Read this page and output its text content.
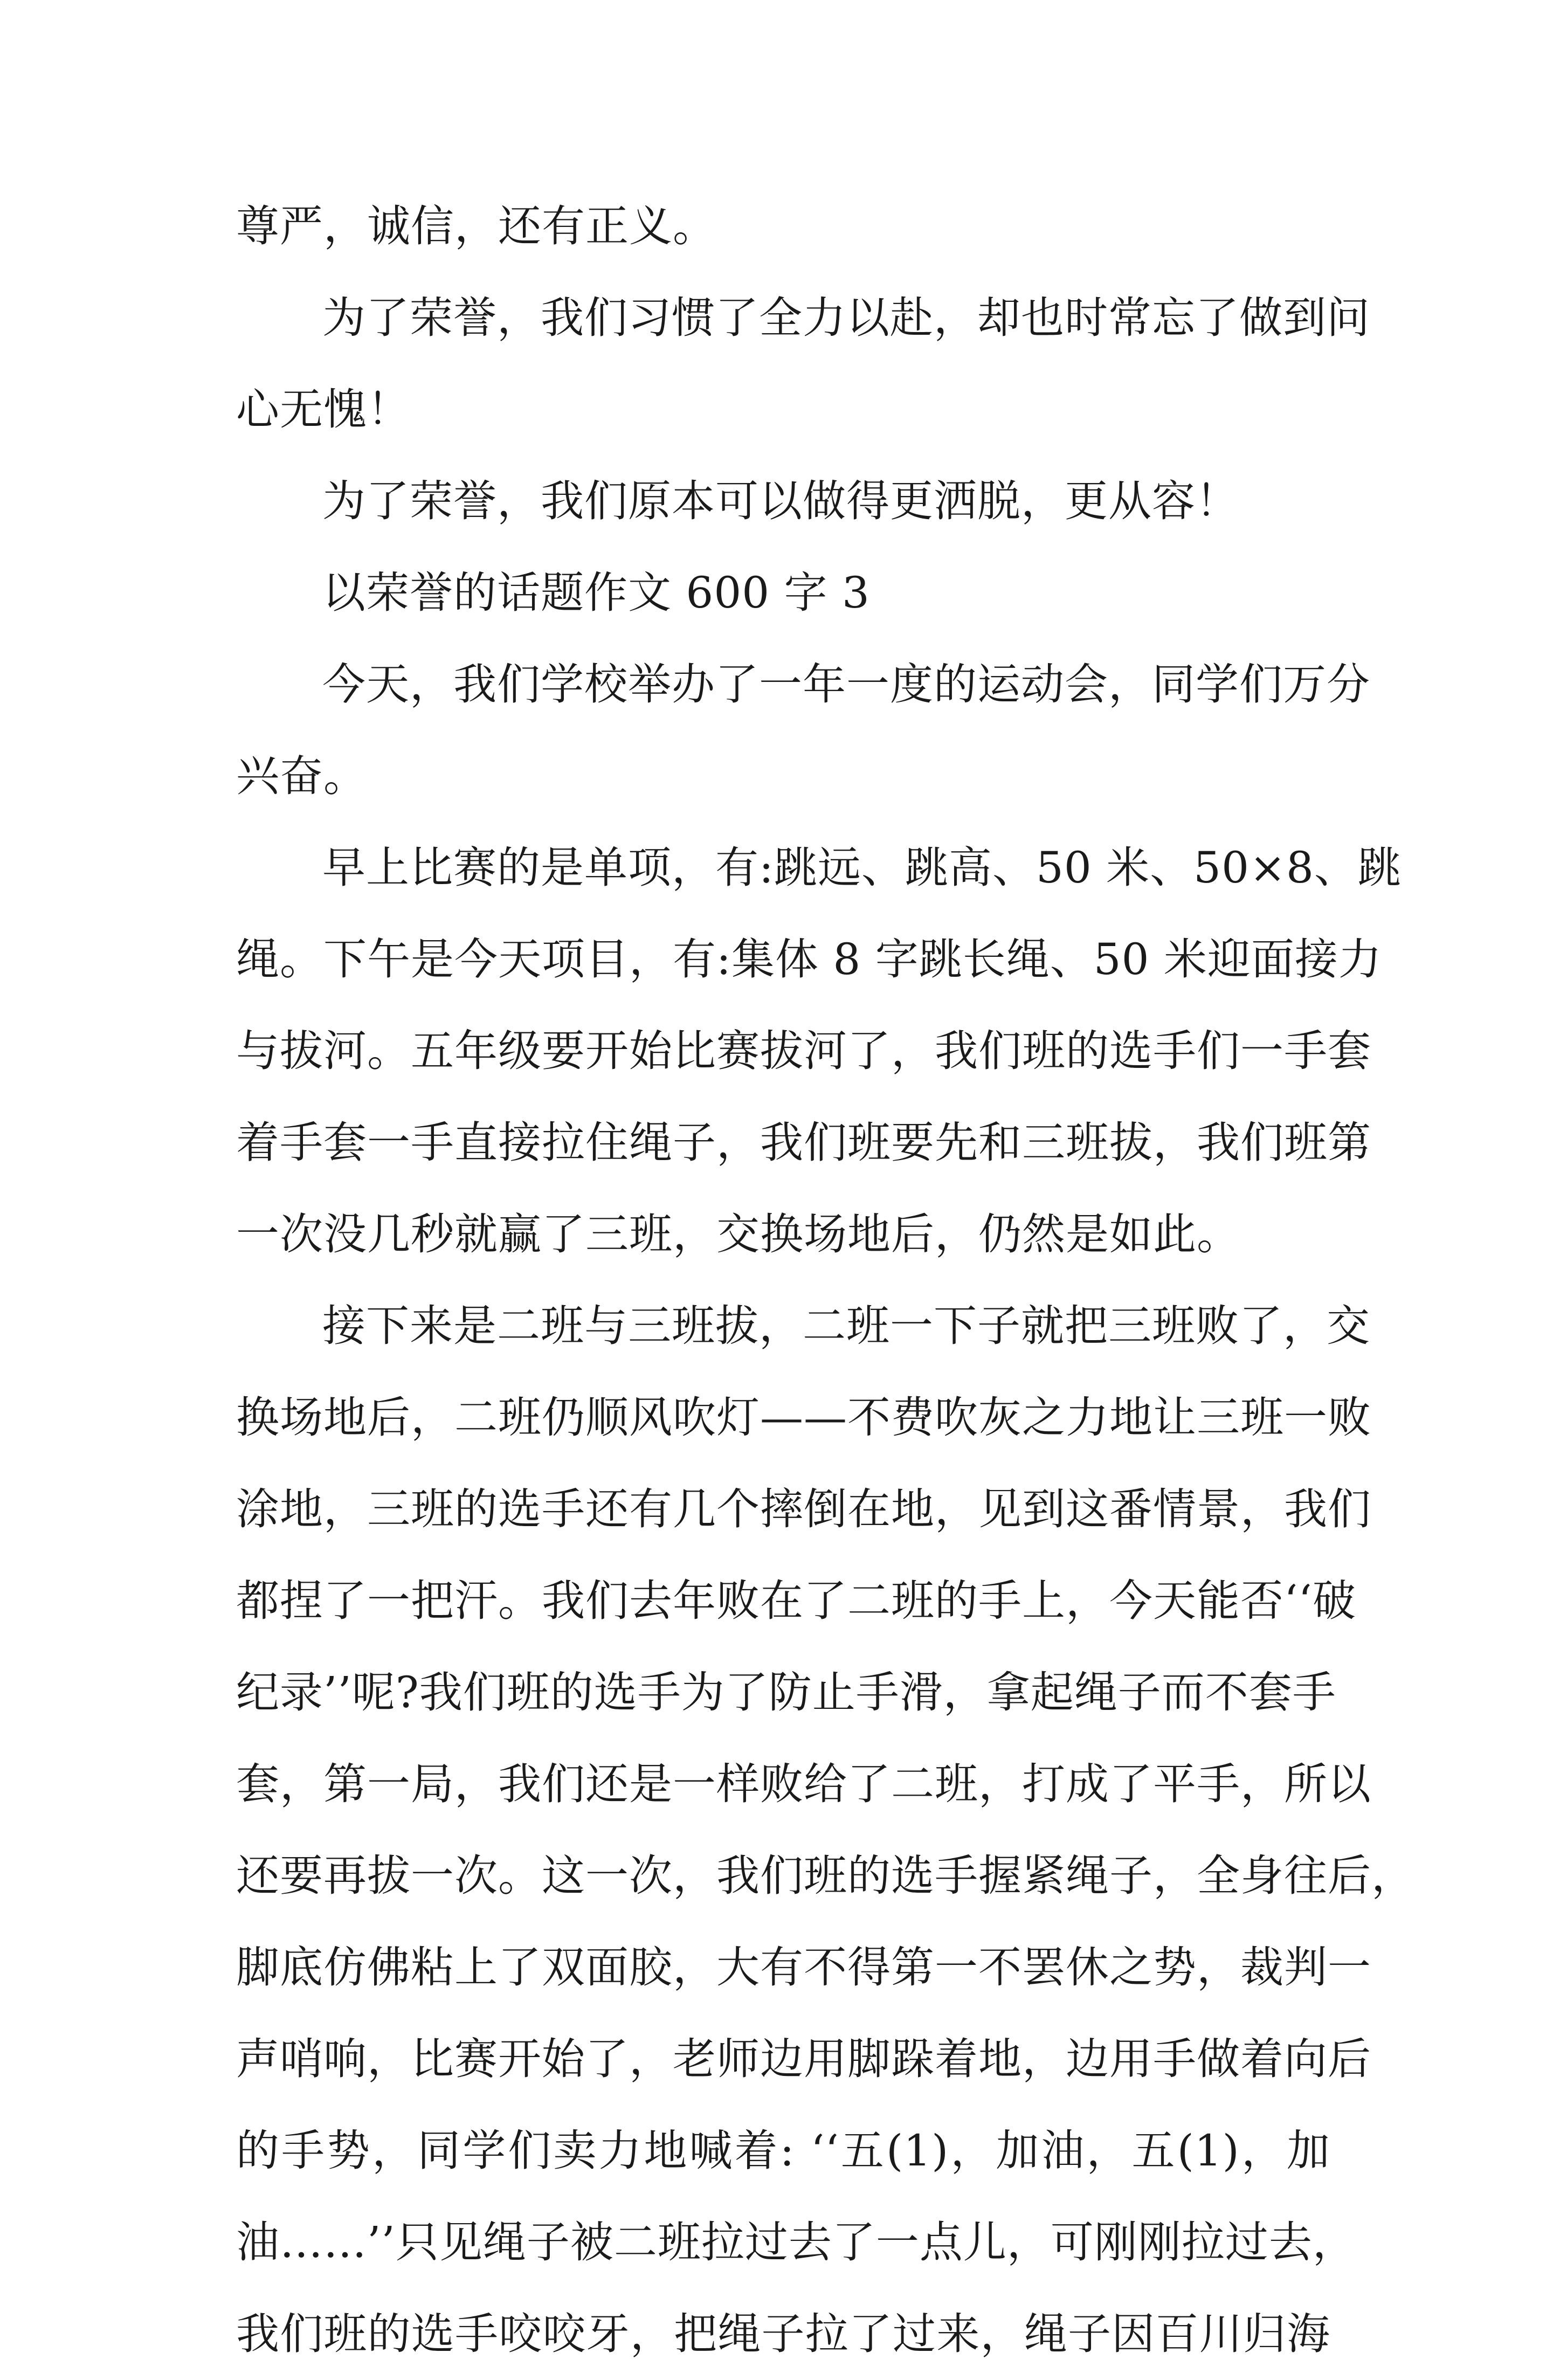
尊严，诚信，还有正义。
为了荣誉，我们习惯了全力以赴，却也时常忘了做到问
心无愧！
为了荣誉，我们原本可以做得更洒脱，更从容！
以荣誉的话题作文 600 字 3
今天，我们学校举办了一年一度的运动会，同学们万分
兴奋。
早上比赛的是单项，有:跳远、跳高、50 米、50×8、跳
绳。下午是今天项目，有:集体 8 字跳长绳、50 米迎面接力
与拔河。五年级要开始比赛拔河了，我们班的选手们一手套
着手套一手直接拉住绳子，我们班要先和三班拔，我们班第
一次没几秒就赢了三班，交换场地后，仍然是如此。
接下来是二班与三班拔，二班一下子就把三班败了，交
换场地后，二班仍顺风吹灯——不费吹灰之力地让三班一败
涂地，三班的选手还有几个摔倒在地，见到这番情景，我们
都捏了一把汗。我们去年败在了二班的手上，今天能否‘‘破
纪录’’呢?我们班的选手为了防止手滑，拿起绳子而不套手
套，第一局，我们还是一样败给了二班，打成了平手，所以
还要再拔一次。这一次，我们班的选手握紧绳子，全身往后，
脚底仿佛粘上了双面胶，大有不得第一不罢休之势，裁判一
声哨响，比赛开始了，老师边用脚跺着地，边用手做着向后
的手势，同学们卖力地喊着: ‘‘五(1)，加油，五(1)，加
油……’’只见绳子被二班拉过去了一点儿，可刚刚拉过去，
我们班的选手咬咬牙，把绳子拉了过来，绳子因百川归海
